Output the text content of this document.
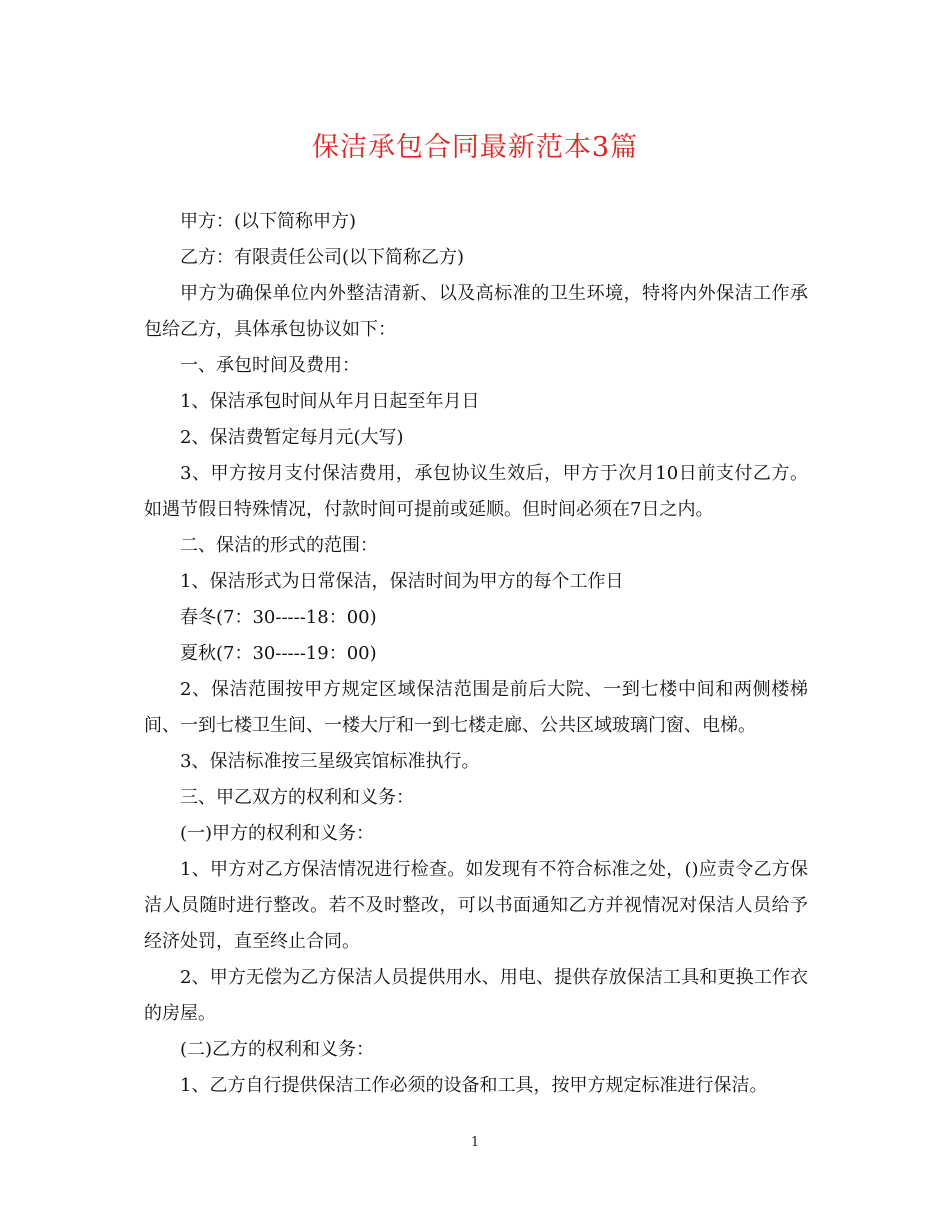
保洁承包合同最新范本3篇

甲方：(以下简称甲方)

乙方：有限责任公司(以下简称乙方)

甲方为确保单位内外整洁清新、以及高标准的卫生环境，特将内外保洁工作承包给乙方，具体承包协议如下：

一、承包时间及费用：

1、保洁承包时间从年月日起至年月日

2、保洁费暂定每月元(大写)

3、甲方按月支付保洁费用，承包协议生效后，甲方于次月10日前支付乙方。如遇节假日特殊情况，付款时间可提前或延顺。但时间必须在7日之内。

二、保洁的形式的范围：

1、保洁形式为日常保洁，保洁时间为甲方的每个工作日

春冬(7：30-----18：00)

夏秋(7：30-----19：00)

2、保洁范围按甲方规定区域保洁范围是前后大院、一到七楼中间和两侧楼梯间、一到七楼卫生间、一楼大厅和一到七楼走廊、公共区域玻璃门窗、电梯。

3、保洁标准按三星级宾馆标准执行。

三、甲乙双方的权利和义务：

(一)甲方的权利和义务：

1、甲方对乙方保洁情况进行检查。如发现有不符合标准之处，()应责令乙方保洁人员随时进行整改。若不及时整改，可以书面通知乙方并视情况对保洁人员给予经济处罚，直至终止合同。

2、甲方无偿为乙方保洁人员提供用水、用电、提供存放保洁工具和更换工作衣的房屋。

(二)乙方的权利和义务：

1、乙方自行提供保洁工作必须的设备和工具，按甲方规定标准进行保洁。

1
